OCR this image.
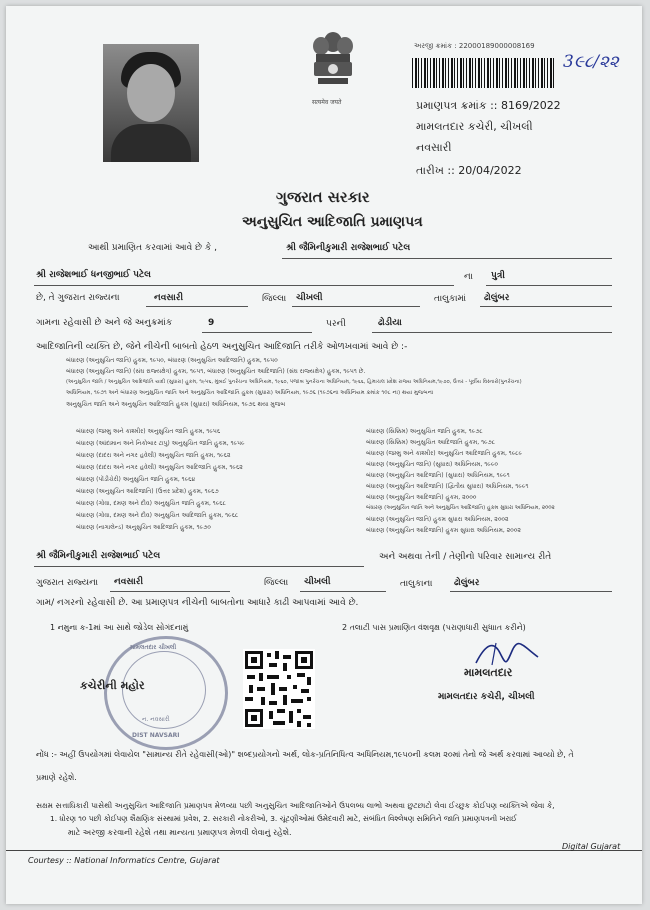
सत्यमेव जयते
અરજી ક્રમાંક : 22000189000008169
3૯૮/૨૨
પ્રમાણપત્ર ક્રમાંક :: 8169/2022
મામલતદાર કચેરી, ચીખલી
નવસારી
તારીખ :: 20/04/2022
ગુજરાત સરકાર
અનુસુચિત આદિજાતિ પ્રમાણપત્ર
આથી પ્રમાણિત કરવામાં આવે છે કે ,	શ્રી જૈમિનીકુમારી રાજેશભાઈ પટેલ
શ્રી રાજેશભાઈ ધનજીભાઈ પટેલ	ના પુત્રી
છે, તે ગુજરાત રાજ્યના	નવસારી	જિલ્લા ચીખલી	તાલુકામાં ઢોલુંબર
ગામના રહેવાસી છે અને જે અનુક્રમાંક	9	પરની	ઢોડીયા
આદિજાતિની વ્યક્તિ છે, જેને નીચેની બાબતો હેઠળ અનુસુચિત આદિજાતિ તરીકે ઓળખવામાં આવે છે :-
બંધારણ (અનુસુચિત જાતિ) હુકમ, ૧૯૫૦, બંધારણ (અનુસુચિત આદિજાતિ) હુકમ, ૧૯૫૦
બંધારણ (અનુસુચિત જાતિ) (સંઘ રાજ્યક્ષેત્ર) હુકમ, ૧૯૫૧, બંધારણ (અનુસુચિત આદિજાતિ) (સંઘ રાજ્યક્ષેત્ર) હુકમ, ૧૯૫૧ છે.
(અનુસુચિત જાતિ / અનુસુચિત આદિજાતિ યાદી (સુધારા) હુકમ, ૧૯૫૬, મુંબઈ પુનર્રચના અધિનિયમ, ૧૯૬૦, પંજાબ પુનર્રચના અધિનિયમ, ૧૯૬૬, હિમાચલ પ્રદેશ રાજ્ય અધિનિયમ,૧૯૭૦, ઉત્તર - પૂર્વીય વિસ્તારો(પુનર્રચના)
અધિનિયમ, ૧૯૭૧ અને બંધારણ અનુસુચિત જાતિ અને અનુસુચિત આદિજાતિ હુકમ (સુધારા) અધિનિયમ, ૧૯૭૬ (૧૯૭૬ના અધિનિયમ ક્રમાંક ૧૦૮ ના) થયા મુજબના
અનુસુચિત જાતિ અને અનુસુચિત આદિજાતિ હુકમ (સુધારા) અધિનિયમ, ૧૯૭૬ થયા મુજબ
બંધારણ (જમ્મુ અને કાશ્મીર) અનુસુચિત જાતિ હુકમ, ૧૯૫૬
બંધારણ (આંદામાન અને નિકોબાર ટાપુ) અનુસુચિત જાતિ હુકમ, ૧૯૫૯
બંધારણ (દાદરા અને નગર હવેલી) અનુસુચિત જાતિ હુકમ, ૧૯૬૨
બંધારણ (દાદરા અને નગર હવેલી) અનુસુચિત આદિજાતિ હુકમ, ૧૯૬૨
બંધારણ (પોંડીચેરી) અનુસુચિત જાતિ હુકમ, ૧૯૬૪
બંધારણ (અનુસુચિત આદિજાતિ) (ઉત્તર પ્રદેશ) હુકમ, ૧૯૬૭
બંધારણ (ગોવા, દમણ અને દીવ) અનુસુચિત જાતિ હુકમ, ૧૯૬૮
બંધારણ (ગોવા, દમણ અને દીવ) અનુસુચિત આદિજાતિ હુકમ, ૧૯૬૮
બંધારણ (નાગાલેન્ડ) અનુસુચિત આદિજાતિ હુકમ, ૧૯૭૦
બંધારણ (સિક્કિમ) અનુસુચિત જાતિ હુકમ, ૧૯૭૮
બંધારણ (સિક્કિમ) અનુસુચિત આદિજાતિ હુકમ, ૧૯૭૮
બંધારણ (જમ્મુ અને કાશ્મીર) અનુસુચિત આદિજાતિ હુકમ, ૧૯૮૯
બંધારણ (અનુસુચિત જાતિ) (સુધારા) અધિનિયમ, ૧૯૯૦
બંધારણ (અનુસુચિત આદિજાતિ) (સુધારા) અધિનિયમ, ૧૯૯૧
બંધારણ (અનુસુચિત આદિજાતિ) (દ્વિતીય સુધારા) અધિનિયમ, ૧૯૯૧
બંધારણ (અનુસુચિત આદિજાતિ) હુકમ, ૨૦૦૦
બંધારણ (અનુસુચિત જાતિ અને અનુસુચિત આદિજાતિ) હુકમ સુધારા અધિનિયમ, ૨૦૦૨
બંધારણ (અનુસુચિત જાતિ) હુકમ સુધારા અધિનિયમ, ૨૦૦૨
બંધારણ (અનુસુચિત આદિજાતિ) હુકમ સુધારા અધિનિયમ, ૨૦૦૨
શ્રી જૈમિનીકુમારી રાજેશભાઈ પટેલ	અને અથવા તેની / તેણીનો પરિવાર સામાન્ય રીતે
ગુજરાત રાજ્યના નવસારી	જિલ્લા ચીખલી	તાલુકાના ઢોલુંબર
ગામ/ નગરનો રહેવાસી છે. આ પ્રમાણપત્ર નીચેની બાબતોના આધારે કાઢી આપવામાં આવે છે.
1 નમુના ક-1માં આ સાથે જોડેલ સોગંદનામું	2 તલાટી પાસ પ્રમાણિત વંશવૃક્ષ (પરાણાધારી સુધાાત કરીને)
મામલતદાર ચીખલી
ન. નવસારી
DIST NAVSARI
કચેરીની મહોર
મામલતદાર
મામલતદાર કચેરી, ચીખલી
નોંધ :- અહીં ઉપયોગમાં લેવાયેલ "સામાન્ય રીતે રહેવાસી(ઓ)" શબ્દપ્રયોગનો અર્થ, લોક-પ્રતિનિધિત્વ અધિનિયમ,૧૯૫૦ની કલમ ૨૦માં તેનો જે અર્થ કરવામાં આવ્યો છે, તે
પ્રમાણે રહેશે.
સક્ષમ સત્તાધિકારી પાસેથી અનુસુચિત આદિજાતિ પ્રમાણપત્ર મેળવ્યા પછી અનુસુચિત આદિજાતિઓને ઉપલબ્ધ લાભો અથવા છુટછાટો લેવા ઈચ્છુક કોઈપણ વ્યક્તિએ જેવા કે,
1. ધોરણ ૧૦ પછી કોઈપણ શૈક્ષણિક સંસ્થામાં પ્રવેશ, 2. સરકારી નોકરીઓ, 3. ચૂંટણીઓમાં ઉમેદવારી માટે, સંબંધિત વિશ્લેષણ સમિતિને જાતિ પ્રમાણપત્રની ખરાઈ
માટે અરજી કરવાની રહેશે તથા માન્યતા પ્રમાણપત્ર મેળવી લેવાનું રહેશે.
Courtesy :: National Informatics Centre, Gujarat
Digital Gujarat
